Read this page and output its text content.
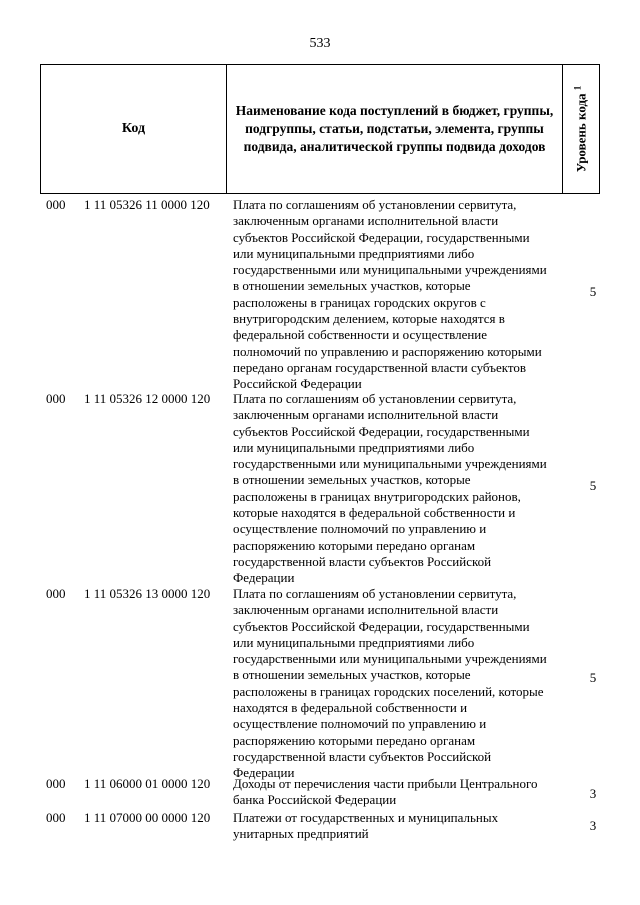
533
Код
Наименование кода поступлений в бюджет, группы, подгруппы, статьи, подстатьи, элемента, группы подвида, аналитической группы подвида доходов	Уровень кода $^1$
000 1 11 05326 11 0000 120 Плата по соглашениям об установлении сервитута,
заключенным органами исполнительной власти
субъектов Российской Федерации, государственными
или муниципальными предприятиями либо
государственными или муниципальными учреждениями
в отношении земельных участков, которые
расположены в границах городских округов с
внутригородским делением, которые находятся в
федеральной собственности и осуществление
полномочий по управлению и распоряжению которыми
передано органам государственной власти субъектов
Российской Федерации
5
000 1 11 05326 12 0000 120 Плата по соглашениям об установлении сервитута,
заключенным органами исполнительной власти
субъектов Российской Федерации, государственными
или муниципальными предприятиями либо
государственными или муниципальными учреждениями
в отношении земельных участков, которые
расположены в границах внутригородских районов,
которые находятся в федеральной собственности и
осуществление полномочий по управлению и
распоряжению которыми передано органам
государственной власти субъектов Российской
Федерации
5
000 1 11 05326 13 0000 120 Плата по соглашениям об установлении сервитута,
заключенным органами исполнительной власти
субъектов Российской Федерации, государственными
или муниципальными предприятиями либо
государственными или муниципальными учреждениями
в отношении земельных участков, которые
расположены в границах городских поселений, которые
находятся в федеральной собственности и
осуществление полномочий по управлению и
распоряжению которыми передано органам
государственной власти субъектов Российской
Федерации
5
000 1 11 06000 01 0000 120 Доходы от перечисления части прибыли Центрального
банка Российской Федерации	3
000 1 11 07000 00 0000 120 Платежи от государственных и муниципальных
унитарных предприятий
3
